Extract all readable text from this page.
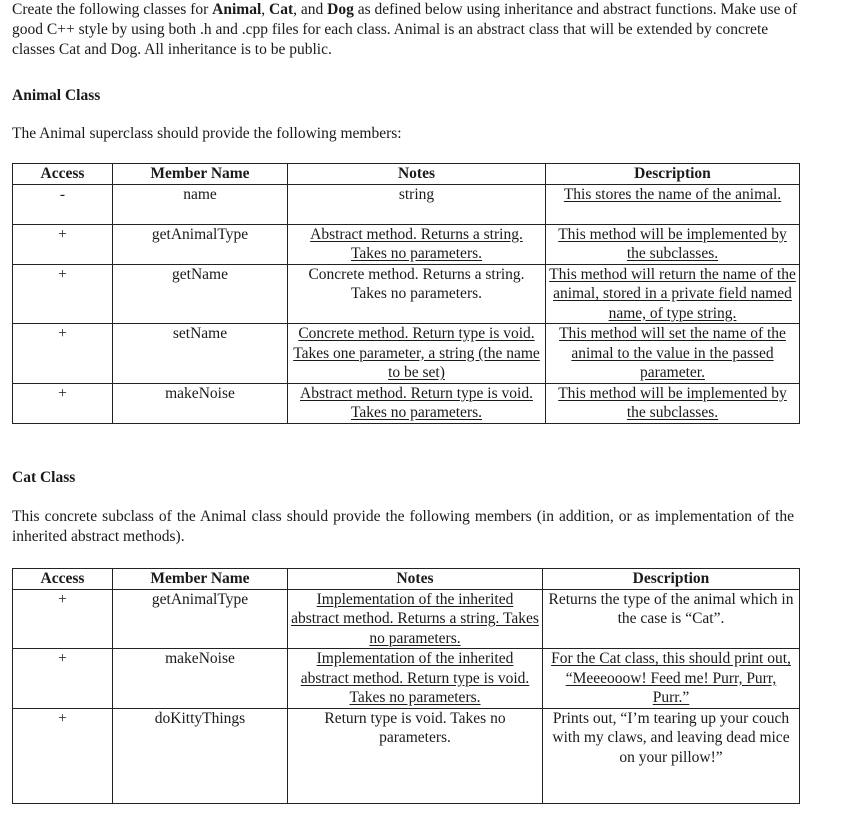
Create the following classes for Animal, Cat, and Dog as defined below using inheritance and abstract functions. Make use of good C++ style by using both .h and .cpp files for each class. Animal is an abstract class that will be extended by concrete classes Cat and Dog. All inheritance is to be public.
Animal Class
The Animal superclass should provide the following members:
Access	Member Name	Notes	Description
-	name	string	This stores the name of the animal.
+	getAnimalType	Abstract method. Returns a string. Takes no parameters.	This method will be implemented by the subclasses.
+	getName	Concrete method. Returns a string. Takes no parameters.	This method will return the name of the animal, stored in a private field named name, of type string.
+	setName	Concrete method. Return type is void. Takes one parameter, a string (the name to be set)	This method will set the name of the animal to the value in the passed parameter.
+	makeNoise	Abstract method. Return type is void. Takes no parameters.	This method will be implemented by the subclasses.
Cat Class
This concrete subclass of the Animal class should provide the following members (in addition, or as implementation of the inherited abstract methods).
Access	Member Name	Notes	Description
+	getAnimalType	Implementation of the inherited abstract method. Returns a string. Takes no parameters.	Returns the type of the animal which in the case is “Cat”.
+	makeNoise	Implementation of the inherited abstract method. Return type is void. Takes no parameters.	For the Cat class, this should print out, “Meeeooow! Feed me! Purr, Purr, Purr.”
+	doKittyThings	Return type is void. Takes no parameters.	Prints out, “I’m tearing up your couch with my claws, and leaving dead mice on your pillow!”
